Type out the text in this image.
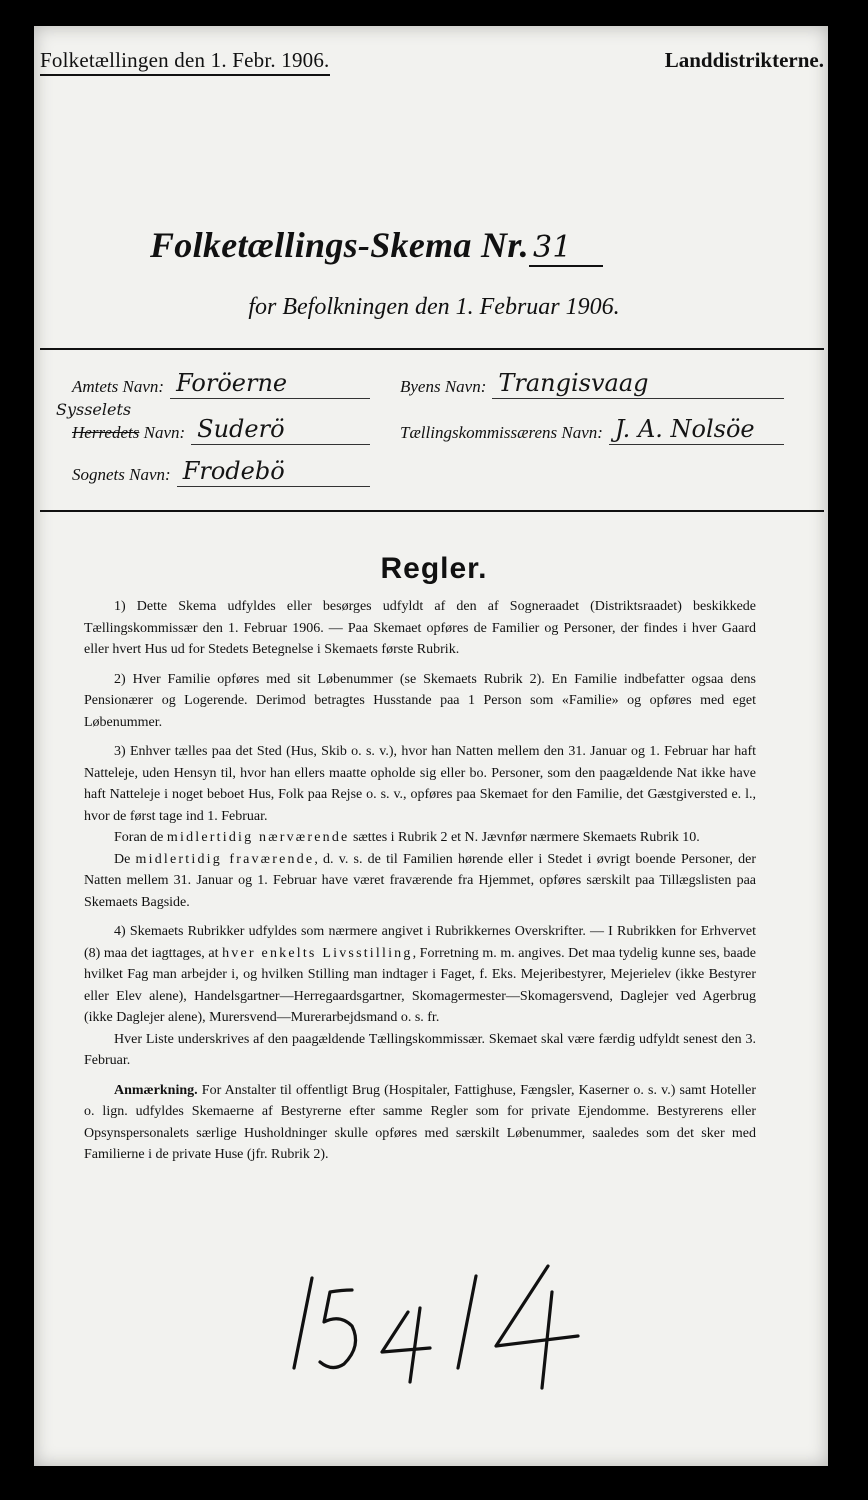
Folketællingen den 1. Febr. 1906.	Landdistrikterne.
Folketællings-Skema Nr. 31
for Befolkningen den 1. Februar 1906.
Amtets Navn: Foröerne	Byens Navn: Trangisvaag
Sysselets
Herredets Navn: Suderö	Tællingskommissærens Navn: J. A. Nolsöe
Sognets Navn: Frodebö
Regler.

1) Dette Skema udfyldes eller besørges udfyldt af den af Sogneraadet (Distriktsraadet) beskikkede Tællingskommissær den 1. Februar 1906. — Paa Skemaet opføres de Familier og Personer, der findes i hver Gaard eller hvert Hus ud for Stedets Betegnelse i Skemaets første Rubrik.

2) Hver Familie opføres med sit Løbenummer (se Skemaets Rubrik 2). En Familie indbefatter ogsaa dens Pensionærer og Logerende. Derimod betragtes Husstande paa 1 Person som «Familie» og opføres med eget Løbenummer.

3) Enhver tælles paa det Sted (Hus, Skib o. s. v.), hvor han Natten mellem den 31. Januar og 1. Februar har haft Natteleje, uden Hensyn til, hvor han ellers maatte opholde sig eller bo. Personer, som den paagældende Nat ikke have haft Natteleje i noget beboet Hus, Folk paa Rejse o. s. v., opføres paa Skemaet for den Familie, det Gæstgiversted e. l., hvor de først tage ind 1. Februar.

Foran de midlertidig nærværende sættes i Rubrik 2 et N. Jævnfør nærmere Skemaets Rubrik 10.

De midlertidig fraværende, d. v. s. de til Familien hørende eller i Stedet i øvrigt boende Personer, der Natten mellem 31. Januar og 1. Februar have været fraværende fra Hjemmet, opføres særskilt paa Tillægslisten paa Skemaets Bagside.

4) Skemaets Rubrikker udfyldes som nærmere angivet i Rubrikkernes Overskrifter. — I Rubrikken for Erhvervet (8) maa det iagttages, at hver enkelts Livsstilling, Forretning m. m. angives. Det maa tydelig kunne ses, baade hvilket Fag man arbejder i, og hvilken Stilling man indtager i Faget, f. Eks. Mejeribestyrer, Mejerielev (ikke Bestyrer eller Elev alene), Handelsgartner—Herregaardsgartner, Skomagermester—Skomagersvend, Daglejer ved Agerbrug (ikke Daglejer alene), Murersvend—Murerarbejdsmand o. s. fr.

Hver Liste underskrives af den paagældende Tællingskommissær. Skemaet skal være færdig udfyldt senest den 3. Februar.

Anmærkning. For Anstalter til offentligt Brug (Hospitaler, Fattighuse, Fængsler, Kaserner o. s. v.) samt Hoteller o. lign. udfyldes Skemaerne af Bestyrerne efter samme Regler som for private Ejendomme. Bestyrerens eller Opsynspersonalets særlige Husholdninger skulle opføres med særskilt Løbenummer, saaledes som det sker med Familierne i de private Huse (jfr. Rubrik 2).
